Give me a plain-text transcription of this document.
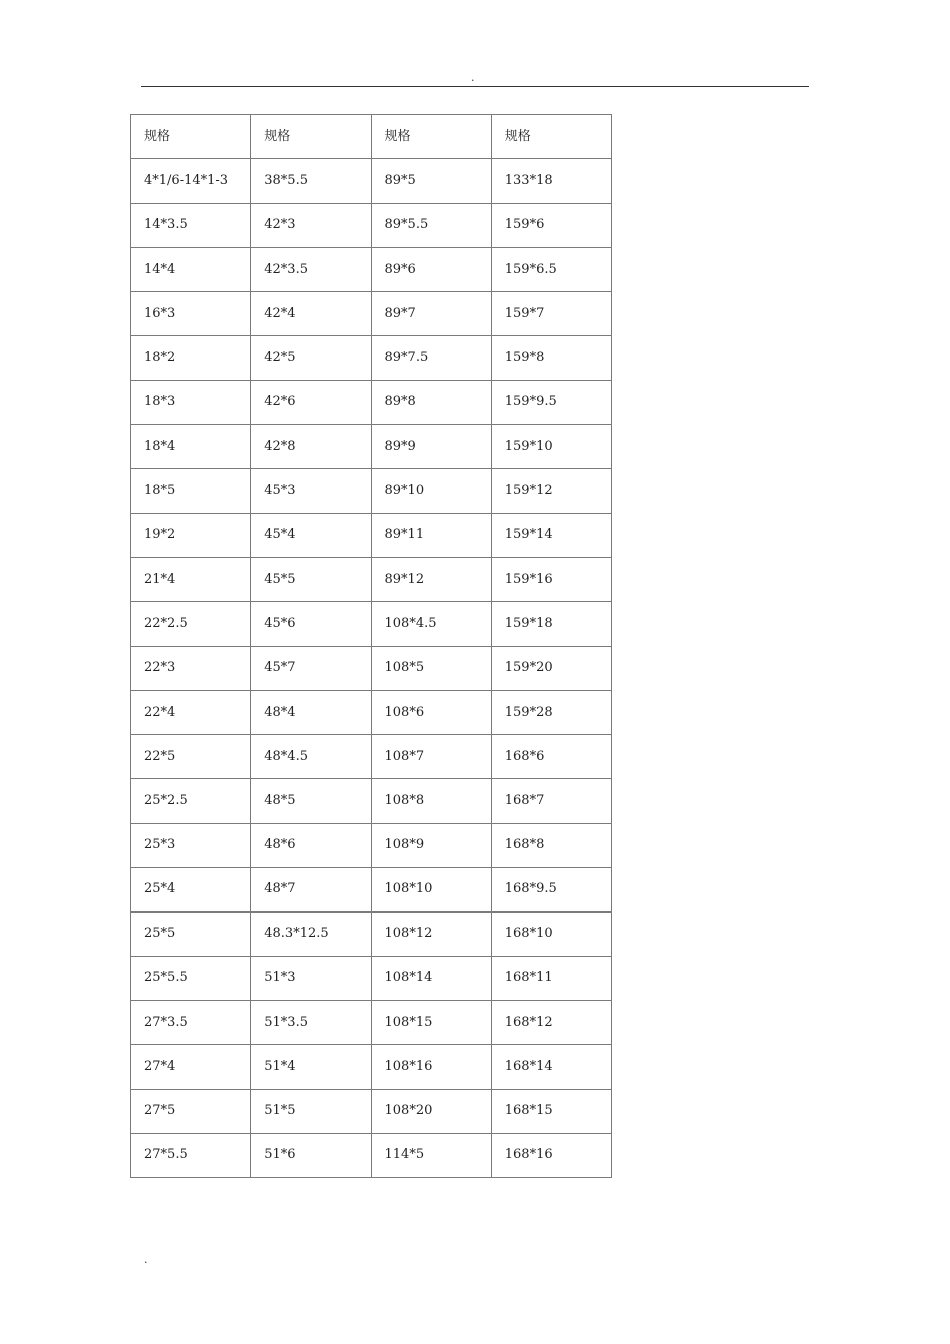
.
规格	规格	规格	规格
4*1/6-14*1-3	38*5.5	89*5	133*18
14*3.5	42*3	89*5.5	159*6
14*4	42*3.5	89*6	159*6.5
16*3	42*4	89*7	159*7
18*2	42*5	89*7.5	159*8
18*3	42*6	89*8	159*9.5
18*4	42*8	89*9	159*10
18*5	45*3	89*10	159*12
19*2	45*4	89*11	159*14
21*4	45*5	89*12	159*16
22*2.5	45*6	108*4.5	159*18
22*3	45*7	108*5	159*20
22*4	48*4	108*6	159*28
22*5	48*4.5	108*7	168*6
25*2.5	48*5	108*8	168*7
25*3	48*6	108*9	168*8
25*4	48*7	108*10	168*9.5
25*5	48.3*12.5	108*12	168*10
25*5.5	51*3	108*14	168*11
27*3.5	51*3.5	108*15	168*12
27*4	51*4	108*16	168*14
27*5	51*5	108*20	168*15
27*5.5	51*6	114*5	168*16
.
